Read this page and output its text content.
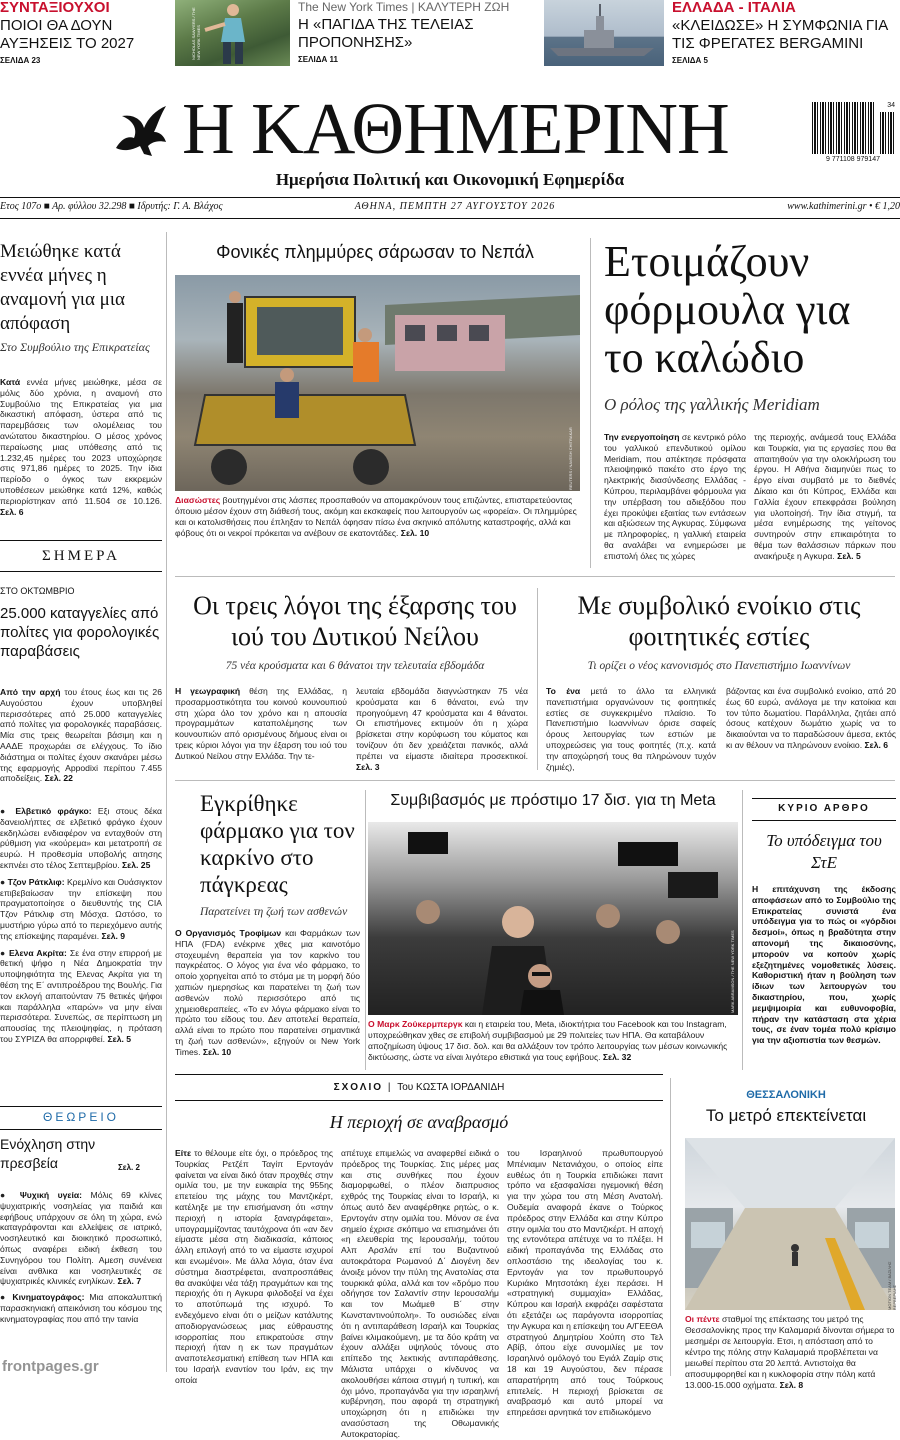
ΣΥΝΤΑΞΙΟΥΧΟΙ
ΠΟΙΟΙ ΘΑ ΔΟΥΝ ΑΥΞΗΣΕΙΣ ΤΟ 2027
ΣΕΛΙΔΑ 23
NICHOLAS SAWYERS / THE NEW YORK TIMES
The New York Times | ΚΑΛΥΤΕΡΗ ΖΩΗ
Η «ΠΑΓΙΔΑ ΤΗΣ ΤΕΛΕΙΑΣ ΠΡΟΠΟΝΗΣΗΣ»
ΣΕΛΙΔΑ 11
ΕΛΛΑΔΑ - ΙΤΑΛΙΑ
«ΚΛΕΙΔΩΣΕ» Η ΣΥΜΦΩΝΙΑ ΓΙΑ ΤΙΣ ΦΡΕΓΑΤΕΣ BERGAMINI
ΣΕΛΙΔΑ 5
Η ΚΑΘΗΜΕΡΙΝΗ
Ημερήσια Πολιτική και Οικονομική Εφημερίδα
34
9 771108 979147
Ετος 107ο ■ Αρ. φύλλου 32.298 ■ Ιδρυτής: Γ. Α. Βλάχος	ΑΘΗΝΑ, ΠΕΜΠΤΗ 27 ΑΥΓΟΥΣΤΟΥ 2026	www.kathimerini.gr • € 1,20
Μειώθηκε κατά εννέα μήνες η αναμονή για μια απόφαση
Στο Συμβούλιο της Επικρατείας
Κατά εννέα μήνες μειώθηκε, μέσα σε μόλις δύο χρόνια, η αναμονή στο Συμβούλιο της Επικρατείας για μια δικαστική απόφαση, ύστερα από τις παρεμβάσεις των ολομέλειας του ανώτατου δικαστηρίου. Ο μέσος χρόνος περαίωσης μιας υπόθεσης από τις 1.232,45 ημέρες του 2023 υποχώρησε στις 971,86 ημέρες το 2025. Την ίδια περίοδο ο όγκος των εκκρεμών υποθέσεων μειώθηκε κατά 12%, καθώς περιορίστηκαν από 11.504 σε 10.126. Σελ. 6
ΣΗΜΕΡΑ
ΣΤΟ ΟΚΤΩΜΒΡΙΟ
25.000 καταγγελίες από πολίτες για φορολογικές παραβάσεις
Από την αρχή του έτους έως και τις 26 Αυγούστου έχουν υποβληθεί περισσότερες από 25.000 καταγγελίες από πολίτες για φορολογικές παραβάσεις. Μία στις τρεις θεωρείται βάσιμη και η ΑΑΔΕ προχωράει σε ελέγχους. Το ίδιο διάστημα οι πολίτες έχουν σκανάρει μέσω της εφαρμογής Appodixi περίπου 7.455 αποδείξεις. Σελ. 22

● Ελβετικό φράγκο: Εξι στους δέκα δανειολήπτες σε ελβετικό φράγκο έχουν εκδηλώσει ενδιαφέρον να ενταχθούν στη ρύθμιση για «κούρεμα» και μετατροπή σε ευρώ. Η προθεσμία υποβολής αιτησης εκπνέει στο τέλος Σεπτεμβρίου. Σελ. 25

● Τζον Ράτκλιφ: Κρεμλίνο και Ουάσιγκτον επιβεβαίωσαν την επίσκεψη που πραγματοποίησε ο διευθυντής της CIA Τζον Ράτκλιφ στη Μόσχα. Ωστόσο, το μυστήριο γύρω από το περιεχόμενο αυτής της επίσκεψης παραμένει. Σελ. 9

● Ελενα Ακρίτα: Σε ένα στην επιρροή με θετική ψήφο η Νέα Δημοκρατία την υποψηφιότητα της Ελενας Ακρίτα για τη θέση της Ε΄ αντιπροέδρου της Βουλής. Για τον εκλογή απαιτούνταν 75 θετικές ψήφοι και παράλληλα «παρών» να μην είναι περισσότερα. Συνεπώς, σε περίπτωση μη απουσίας της πλειοψηφίας, η πρόταση του ΣΥΡΙΖΑ θα απορριφθεί. Σελ. 5

ΘΕΩΡΕΙΟ
Ενόχληση στην πρεσβεία	Σελ. 2

● Ψυχική υγεία: Μόλις 69 κλίνες ψυχιατρικής νοσηλείας για παιδιά και εφήβους υπάρχουν σε όλη τη χώρα, ενώ καταγράφονται και ελλείψεις σε ιατρικό, νοσηλευτικό και διοικητικό προσωπικό, όπως αναφέρει ειδική έκθεση του Συνηγόρου του Πολίτη. Αμεση συνένεια είναι ανθλικα και νοσηλευτικές σε ψυχιατρικές κλινικές ενηλίκων. Σελ. 7

● Κινηματογράφος: Μια αποκαλυπτική παρασκηνιακή απεικόνιση του κόσμου της κινηματογραφίας που από την ταινία

frontpages.gr
Φονικές πλημμύρες σάρωσαν το Νεπάλ
REUTERS / NAVESH CHITRAKAR
Διασώστες βουτηγμένοι στις λάσπες προσπαθούν να απομακρύνουν τους επιζώντες, επισταρετεύοντας όπουιο μέσον έχουν στη διάθεσή τους, ακόμη και εκσκαφείς που λειτουργούν ως «φορεία». Οι πλημμύρες και οι κατολισθήσεις που έπληξαν το Νεπάλ όφησαν πίσω ένα σκηνικό απόλυτης καταστροφής, αλλά και φόβους ότι οι νεκροί πρόκειται να ανέβουν σε εκατοντάδες. Σελ. 10
Ετοιμάζουν φόρμουλα για το καλώδιο
Ο ρόλος της γαλλικής Meridiam
Την ενεργοποίηση σε κεντρικό ρόλο του γαλλικού επενδυτικού ομίλου Meridiam, που απέκτησε πρόσφατα πλειοψηφικό πακέτο στο έργο της ηλεκτρικής διασύνδεσης Ελλάδας - Κύπρου, περιλαμβάνει φόρμουλα για την υπέρβαση του αδιεξόδου που έχει προκύψει εξαιτίας των εντάσεων και αξιώσεων της Αγκυρας. Σύμφωνα με πληροφορίες, η γαλλική εταιρεία θα αναλάβει να ενημερώσει με επιστολή όλες τις χώρες
της περιοχής, ανάμεσά τους Ελλάδα και Τουρκία, για τις εργασίες που θα απαιτηθούν για την ολοκλήρωση του έργου. Η Αθήνα διαμηνύει πως το έργο είναι συμβατό με το διεθνές Δίκαιο και ότι Κύπρος, Ελλάδα και Γαλλία έχουν επεκφράσει βούληση για υλοποίησή. Την ίδια στιγμή, τα μέσα ενημέρωσης της γείτονος συντηρούν στην επικαιρότητα το θέμα των θαλάσσιων πάρκων που ανακήρυξε η Αγκυρα. Σελ. 5
Οι τρεις λόγοι της έξαρσης του ιού του Δυτικού Νείλου
75 νέα κρούσματα και 6 θάνατοι την τελευταία εβδομάδα
Η γεωγραφική θέση της Ελλάδας, η προσαρμοστικότητα του κοινού κουνουπιού στη χώρα όλο τον χρόνο και η απουσία προγραμμάτων καταπολέμησης των κουνουπιών από ορισμένους δήμους είναι οι τρεις κύριοι λόγοι για την έξαρση του ιού του Δυτικού Νείλου στην Ελλάδα. Την τε-
λευταία εβδομάδα διαγνώστηκαν 75 νέα κρούσματα και 6 θάνατοι, ενώ την προηγούμενη 47 κρούσματα και 4 θάνατοι. Οι επιστήμονες εκτιμούν ότι η χώρα βρίσκεται στην κορύφωση του κύματος και τονίζουν ότι δεν χρειάζεται πανικός, αλλά πρέπει να είμαστε ιδιαίτερα προσεκτικοί. Σελ. 3
Με συμβολικό ενοίκιο στις φοιτητικές εστίες
Τι ορίζει ο νέος κανονισμός στο Πανεπιστήμιο Ιωαννίνων
Το ένα μετά το άλλο τα ελληνικά πανεπιστήμια οργανώνουν τις φοιτητικές εστίες σε συγκεκριμένο πλαίσιο. Το Πανεπιστήμιο Ιωαννίνων όρισε σαφείς όρους λειτουργίας των εστιών με υποχρεώσεις για τους φοιτητές (π.χ. κατά την αποχώρησή τους θα πληρώνουν τυχόν ζημιές),
βάζοντας και ένα συμβολικό ενοίκιο, από 20 έως 60 ευρώ, ανάλογα με την κατοίκια και τον τύπο δωματίου. Παράλληλα, ζητάει από όσους κατέχουν δωμάτιο χωρίς να το δικαιούνται να το παραδώσουν άμεσα, εκτός κι αν θέλουν να πληρώνουν ενοίκιο. Σελ. 6
Εγκρίθηκε φάρμακο για τον καρκίνο στο πάγκρεας
Παρατείνει τη ζωή των ασθενών
Ο Οργανισμός Τροφίμων και Φαρμάκων των ΗΠΑ (FDA) ενέκρινε χθες μια καινοτόμο στοχευμένη θεραπεία για τον καρκίνο του παγκρέατος. Ο λόγος για ένα νέο φάρμακο, το οποίο χορηγείται από το στόμα με τη μορφή δύο χαπιών ημερησίως και παρατείνει τη ζωή των ασθενών πολύ περισσότερο από τις χημειοθεραπείες. «Το εν λόγω φάρμακο είναι το πρώτο του είδους του. Δεν αποτελεί θεραπεία, αλλά είναι το πρώτο που παρατείνει σημαντικά τη ζωή των ασθενών», εξηγούν οι New York Times. Σελ. 10
Συμβιβασμός με πρόστιμο 17 δισ. για τη Meta
MARK ABRAMSON / THE NEW YORK TIMES
Ο Μαρκ Ζούκερμπεργκ και η εταιρεία του, Meta, ιδιοκτήτρια του Facebook και του Instagram, υποχρεώθηκαν χθες σε επιβολή συμβιβασμού με 29 πολιτείες των ΗΠΑ. Θα καταβάλουν αποζημίωση ύψους 17 δισ. δολ. και θα αλλάξουν τον τρόπο λειτουργίας των μέσων κοινωνικής δικτύωσης, ώστε να είναι λιγότερο εθιστικά για τους εφήβους. Σελ. 32
ΚΥΡΙΟ ΑΡΘΡΟ
Το υπόδειγμα του ΣτΕ
Η επιτάχυνση της έκδοσης αποφάσεων από το Συμβούλιο της Επικρατείας συνιστά ένα υπόδειγμα για το πώς οι «γόρδιοι δεσμοί», όπως η βραδύτητα στην απονομή της δικαιοσύνης, μπορούν να κοπούν χωρίς εξεζητημένες νομοθετικές λύσεις. Καθοριστική ήταν η βούληση των ίδιων των λειτουργών του δικαστηρίου, που, χωρίς μεμψιμοιρία και ευθυνοφοβία, πήραν την κατάσταση στα χέρια τους, σε έναν τομέα πολύ κρίσιμο για την αξιοπιστία των θεσμών.
ΣΧΟΛΙΟ | Του ΚΩΣΤΑ ΙΟΡΔΑΝΙΔΗ
Η περιοχή σε αναβρασμό
Είτε το θέλουμε είτε όχι, ο πρόεδρος της Τουρκίας Ρετζέπ Ταγίπ Ερντογάν φαίνεται να είναι δικό όταν προχθές στην ομιλία του, με την ευκαιρία της 955ης επετείου της μάχης του Μαντζικέρτ, κατέληξε με την επισήμανση ότι «στην περιοχή η ιστορία ξαναγράφεται», υπογραμμίζοντας ταυτόχρονα ότι «αν δεν είμαστε μέσα στη διαδικασία, κάποιος άλλη επιλογή από το να είμαστε ισχυροί και ενωμένοι». Με άλλα λόγια, όταν ένα σύστημα διαστρέφεται, αναπροσπάθεις θα ανακύψει νέα τάξη πραγμάτων και της περιοχής ότι η Αγκυρα φιλοδοξεί να έχει το αποτύπωμά της ισχυρό. Το ενδεχόμενο είναι ότι ο μείζων κατάλυτης αποδιοργανώσεως μιας εύθραυστης ισορροπίας που επικρατούσε στην περιοχή ήταν η εκ των πραγμάτων αναποτελεσματική επίθεση των ΗΠΑ και του Ισραήλ εναντίον του Ιράν, εις την οποία
απέτυχε επιμελώς να αναφερθεί ειδικά ο πρόεδρος της Τουρκίας. Στις μέρες μας και στις συνθήκες που έχουν διαμορφωθεί, ο πλέον διαπρυσιος εχθρός της Τουρκίας είναι το Ισραήλ, κι όπως αυτό δεν αναφέρθηκε ρητώς, ο κ. Ερντογάν στην ομιλία του. Μόνον σε ένα σημείο έχρισε σκόπιμο να επισημάνει ότι «η ελευθερία της Ιερουσαλήμ, τούτου Αλπ Αρσλάν επί του Βυζαντινού αυτοκράτορα Ρωμανού Δ΄ Διογένη δεν άνοιξε μόνον την πύλη της Ανατολίας στα τουρκικά φύλα, αλλά και τον «δρόμο που οδήγησε τον Σαλαντίν στην Ιερουσαλήμ και τον Μωάμεθ Β΄ στην Κωνσταντινούπολη». Το ουσιώδες είναι ότι η αντιπαράθεση Ισραήλ και Τουρκίας βαίνει κλιμακούμενη, με τα δύο κράτη να έχουν αλλάξει υψηλούς τόνους στο επίπεδο της λεκτικής αντιπαράθεσης. Μάλιστα υπάρχει ο κίνδυνος να ακολουθήσει κάποια στιγμή η τυπική, και όχι μόνο, προπαγάνδα για την ισραηλινή κυβέρνηση, που αφορά τη στρατηγική υποχώρηση ότι η επιδιώκει την ανασύσταση της Οθωμανικής Αυτοκρατορίας.
του Ισραηλινού πρωθυπουργού Μπένιαμιν Νετανιάχου, ο οποίος είπε ευθέως ότι η Τουρκία επιδιώκει πανιτ τρόπο να εξασφαλίσει ηγεμονική θέση για την χώρα του στη Μέση Ανατολή. Ουδεμία αναφορά έκανε ο Τούρκος πρόεδρος στην Ελλάδα και στην Κύπρο στην ομιλία του στο Μαντζικέρτ. Η αποχή της εντονότερα απέτυχε να το πλέξει. Η ειδική προπαγάνδα της Ελλάδας στο οπλοστάσιο της ιδεολογίας του κ. Ερντογάν για τον πρωθυπουργό Κυριάκο Μητσοτάκη έχει περάσει. Η «στρατηγική συμμαχία» Ελλάδας, Κύπρου και Ισραήλ εκφράζει σαφέστατα ότι εξετάζει ως παράγοντα ισορροπίας την Αγκυρα και η επίσκεψη του Α/ΓΕΕΘΑ στρατηγού Δημητρίου Χούπη στο Τελ Αβίβ, όπου είχε συνομιλίες με τον Ισραηλινό ομόλογό του Εγιάλ Ζαμίρ στις 18 και 19 Αυγούστου, δεν πέρασε απαρατήρητη από τους Τούρκους επιτελείς. Η περιοχή βρίσκεται σε αναβρασμό και αυτό μπορεί να επηρεάσει αρνητικά τον επιδιωκόμενο
ΘΕΣΣΑΛΟΝΙΚΗ
Το μετρό επεκτείνεται
ΜΟΤΙΟΝ ΤΕΑΜ / ΒΑΣΙΛΗΣ ΒΕΡΒΕΡΙΔΗΣ
Οι πέντε σταθμοί της επέκτασης του μετρό της Θεσσαλονίκης προς την Καλαμαριά δίνονται σήμερα το μεσημέρι σε λειτουργία. Ετσι, η απόσταση από το κέντρο της πόλης στην Καλαμαριά προβλέπεται να μειωθεί περίπου στα 20 λεπτά. Αντιστοίχα θα αποσυμφορηθεί και η κυκλοφορία στην πόλη κατά 13.000-15.000 οχήματα. Σελ. 8
